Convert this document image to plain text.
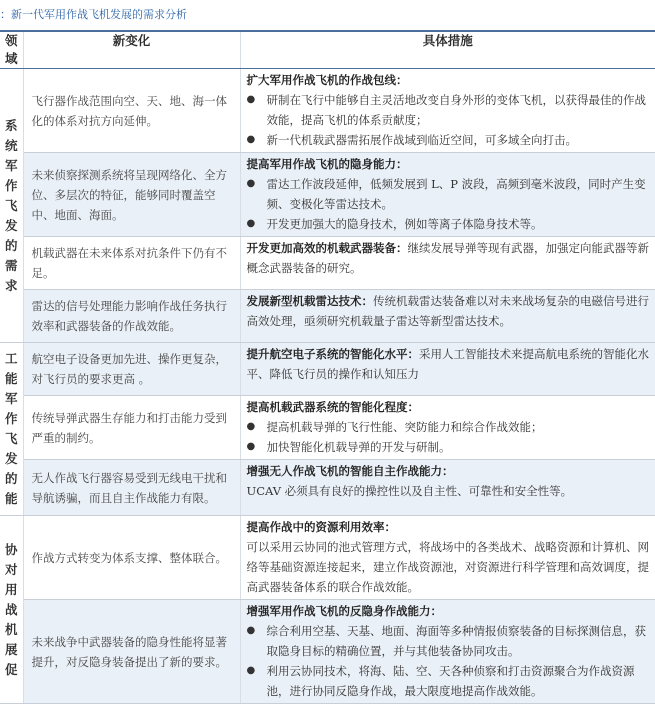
：新一代军用作战飞机发展的需求分析
领域	新变化	具体措施

系统军作飞发的需求	飞行器作战范围向空、天、地、海一体化的体系对抗方向延伸。	扩大军用作战飞机的作战包线：
● 研制在飞行中能够自主灵活地改变自身外形的变体飞机，以获得最佳的作战效能，提高飞机的体系贡献度；
● 新一代机载武器需拓展作战域到临近空间，可多域全向打击。

	未来侦察探测系统将呈现网络化、全方位、多层次的特征，能够同时覆盖空中、地面、海面。	提高军用作战飞机的隐身能力：
● 雷达工作波段延伸，低频发展到 L、P 波段，高频到毫米波段，同时产生变频、变极化等雷达技术。
● 开发更加强大的隐身技术，例如等离子体隐身技术等。

	机载武器在未来体系对抗条件下仍有不足。	开发更加高效的机载武器装备：继续发展导弹等现有武器，加强定向能武器等新概念武器装备的研究。

	雷达的信号处理能力影响作战任务执行效率和武器装备的作战效能。	发展新型机载雷达技术：传统机载雷达装备难以对未来战场复杂的电磁信号进行高效处理，亟须研究机载量子雷达等新型雷达技术。

工能军作飞发的能	航空电子设备更加先进、操作更复杂，对飞行员的要求更高 。	提升航空电子系统的智能化水平：采用人工智能技术来提高航电系统的智能化水平、降低飞行员的操作和认知压力

	传统导弹武器生存能力和打击能力受到严重的制约。	提高机载武器系统的智能化程度：
● 提高机载导弹的飞行性能、突防能力和综合作战效能；
● 加快智能化机载导弹的开发与研制。

	无人作战飞行器容易受到无线电干扰和导航诱骗，而且自主作战能力有限。	增强无人作战飞机的智能自主作战能力：
UCAV 必须具有良好的操控性以及自主性、可靠性和安全性等。

协对用战机展促	作战方式转变为体系支撑、整体联合。	提高作战中的资源利用效率：
可以采用云协同的池式管理方式，将战场中的各类战术、战略资源和计算机、网络等基础资源连接起来，建立作战资源池，对资源进行科学管理和高效调度，提高武器装备体系的联合作战效能。

	未来战争中武器装备的隐身性能将显著提升，对反隐身装备提出了新的要求。	增强军用作战飞机的反隐身作战能力：
● 综合利用空基、天基、地面、海面等多种情报侦察装备的目标探测信息，获取隐身目标的精确位置，并与其他装备协同攻击。
● 利用云协同技术，将海、陆、空、天各种侦察和打击资源聚合为作战资源池，进行协同反隐身作战，最大限度地提高作战效能。
